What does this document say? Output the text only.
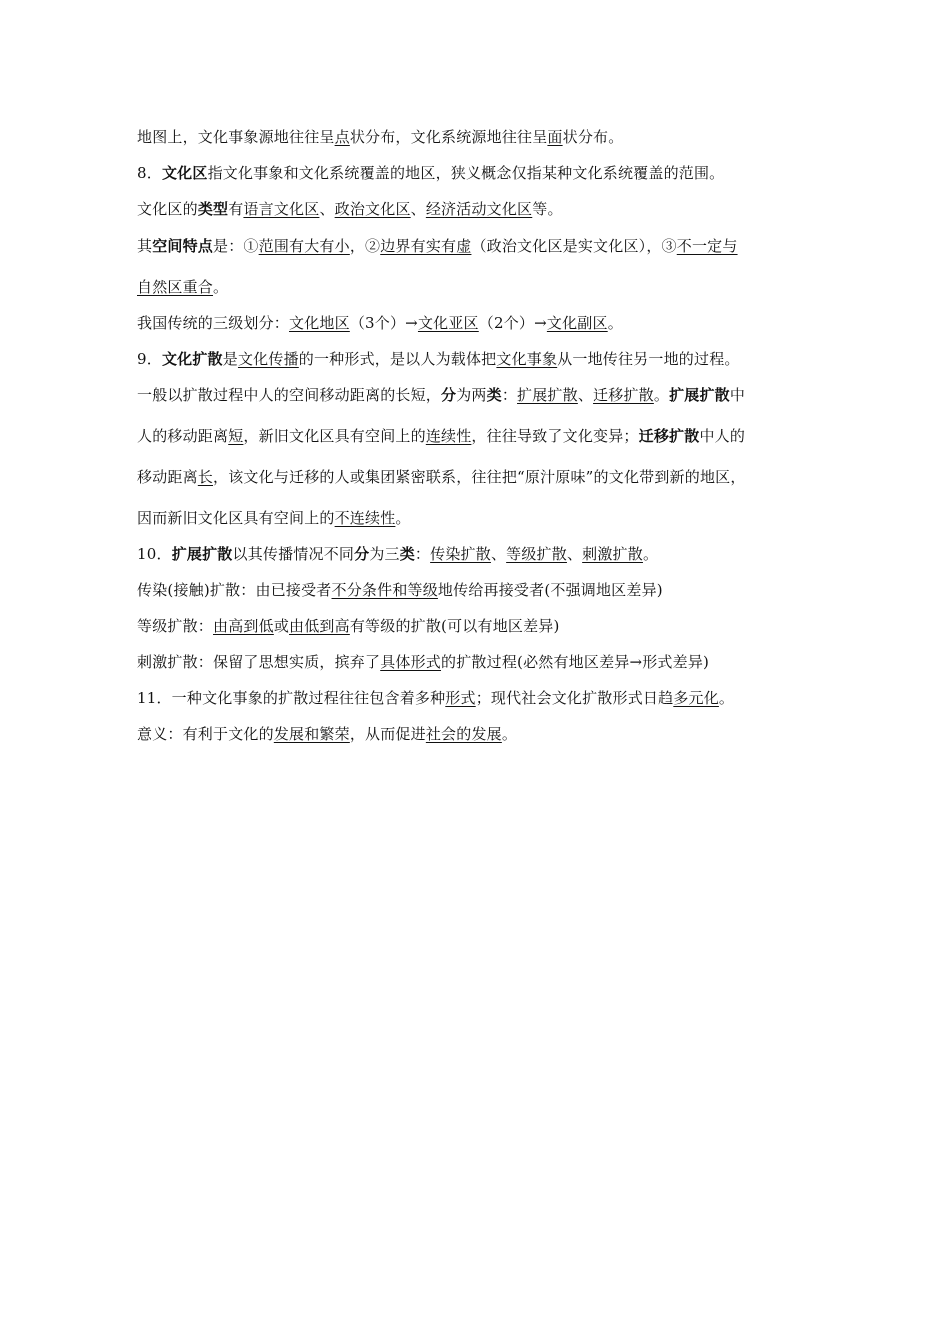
地图上，文化事象源地往往呈点状分布，文化系统源地往往呈面状分布。
8．文化区指文化事象和文化系统覆盖的地区，狭义概念仅指某种文化系统覆盖的范围。
文化区的类型有语言文化区、政治文化区、经济活动文化区等。
其空间特点是：①范围有大有小，②边界有实有虚（政治文化区是实文化区），③不一定与
自然区重合。
我国传统的三级划分：文化地区（3个）→文化亚区（2个）→文化副区。
9．文化扩散是文化传播的一种形式，是以人为载体把文化事象从一地传往另一地的过程。
一般以扩散过程中人的空间移动距离的长短，分为两类：扩展扩散、迁移扩散。扩展扩散中
人的移动距离短，新旧文化区具有空间上的连续性，往往导致了文化变异；迁移扩散中人的
移动距离长，该文化与迁移的人或集团紧密联系，往往把“原汁原味”的文化带到新的地区，
因而新旧文化区具有空间上的不连续性。
10．扩展扩散以其传播情况不同分为三类：传染扩散、等级扩散、刺激扩散。
传染(接触)扩散：由已接受者不分条件和等级地传给再接受者(不强调地区差异)
等级扩散：由高到低或由低到高有等级的扩散(可以有地区差异)
刺激扩散：保留了思想实质，摈弃了具体形式的扩散过程(必然有地区差异→形式差异)
11．一种文化事象的扩散过程往往包含着多种形式；现代社会文化扩散形式日趋多元化。
意义：有利于文化的发展和繁荣，从而促进社会的发展。
